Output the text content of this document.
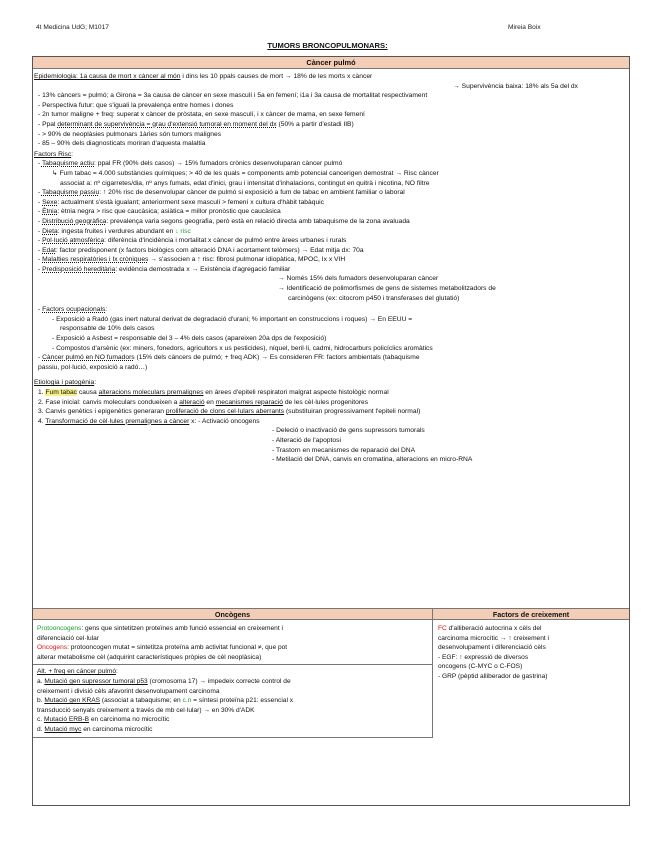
4t Medicina UdG; M1017	Mireia Boix
TUMORS BRONCOPULMONARS:
Càncer pulmó
Epidemiologia: 1a causa de mort x càncer al món i dins les 10 ppals causes de mort → 18% de les morts x càncer
→ Supervivència baixa: 18% als 5a del dx
- 13% càncers = pulmó; a Girona = 3a causa de càncer en sexe masculí i 5a en femení; i1a i 3a causa de mortalitat respectivament
- Perspectiva futur: que s'iguali la prevalença entre homes i dones
- 2n tumor maligne + freq: superat x càncer de pròstata, en sexe masculí, i x càncer de mama, en sexe femení
- Ppal determinant de supervivència = grau d'extensió tumoral en moment del dx (50% a partir d'estadi IIB)
- > 90% de neoplàsies pulmonars 1àries són tumors malignes
- 85 – 90% dels diagnosticats moriran d'aquesta malaltia
Factors Risc:
- Tabaquisme actiu: ppal FR (90% dels casos) → 15% fumadors crònics desenvoluparan càncer pulmó
↳ Fum tabac = 4.000 substàncies químiques; > 40 de les quals = components amb potencial cancerigen demostrat → Risc càncer
associat a: nº cigarretes/dia, nº anys fumats, edat d'inici, grau i intensitat d'inhalacions, contingut en quitrà i nicotina, NO filtre
- Tabaquisme passiu: ↑ 20% risc de desenvolupar càncer de pulmó si exposició a fum de tabac en ambient familiar o laboral
- Sexe: actualment s'està igualant; anteriorment sexe masculí > femení x cultura d'hàbit tabàquic
- Ètnia: ètnia negra > risc que caucàsica; asiàtica = millor pronòstic que caucàsica
- Distribució geogràfica: prevalença varia segons geografia, però està en relació directa amb tabaquisme de la zona avaluada
- Dieta: ingesta fruites i verdures abundant en ↓ risc
- Pol·lució atmosfèrica: diferència d'incidència i mortalitat x càncer de pulmó entre àrees urbanes i rurals
- Edat: factor predisponent (x factors biològics com alteració DNA i acortament telòmers) → Edat mitja dx: 70a
- Malalties respiratòries i Ix cròniques → s'associen a ↑ risc: fibrosi pulmonar idiopàtica, MPOC, Ix x VIH
- Predisposició hereditària: evidència demostrada x → Existència d'agregació familiar
→ Només 15% dels fumadors desenvoluparan càncer
→ Identificació de polimorfismes de gens de sistemes metabolitzadors de
carcinògens (ex: citocrom p450 i transferases del glutatió)
- Factors ocupacionals:
- Exposició a Radó (gas inert natural derivat de degradació d'urani; % important en construccions i roques) → En EEUU =
responsable de 10% dels casos
- Exposició a Asbest = responsable del 3 – 4% dels casos (apareixen 20a dps de l'exposició)
- Compostos d'arsènic (ex: miners, fonedors, agricultors x us pesticides), níquel, beril·li, cadmi, hidrocarburs policíclics aromàtics
- Càncer pulmó en NO fumadors (15% dels càncers de pulmó; + freq ADK) → Es consideren FR: factors ambientals (tabaquisme
passiu, pol·lució, exposició a radó…)
Etiologia i patogènia:
1. Fum tabac causa alteracions moleculars premalignes en àrees d'epiteli respiratori malgrat aspecte histològic normal
2. Fase inicial: canvis moleculars condueixen a alteració en mecanismes reparació de les cèl·lules progenitores
3. Canvis genètics i epigenètics generaran proliferació de clons cel·lulars aberrants (substituiran progressivament l'epiteli normal)
4. Transformació de cèl·lules premalignes a càncer x: - Activació oncogens
- Deleció o inactivació de gens supressors tumorals
- Alteració de l'apoptosi
- Trastorn en mecanismes de reparació del DNA
- Metilació del DNA, canvis en cromatina, alteracions en micro-RNA
Oncògens	Factors de creixement
Protooncogens: gens que sintetitzen proteïnes amb funció essencial en creixement i
diferenciació cel·lular
Oncogens: protooncogen mutat = sintetitza proteïna amb activitat funcional ≠, que pot
alterar metabolisme cèl (adquirint característiques pròpies de cèl neoplàsica)
Alt. + freq en càncer pulmó:
a. Mutació gen supressor tumoral p53 (cromosoma 17) → impedeix correcte control de
creixement i divisió cèls afavorint desenvolupament carcinoma
b. Mutació gen KRAS (associat a tabaquisme; en c.n = síntesi proteïna p21: essencial x
transducció senyals creixement a través de mb cel·lular) → en 30% d'ADK
c. Mutació ERB-B en carcinoma no microcític
d. Mutació myc en carcinoma microcític
FC d'alliberació autocrina x cèls del
carcinoma microcític → ↑ creixement i
desenvolupament i diferenciació cèls
- EGF: ↑ expressió de diversos
oncogens (C-MYC o C-FOS)
- GRP (pèptid alliberador de gastrina)
